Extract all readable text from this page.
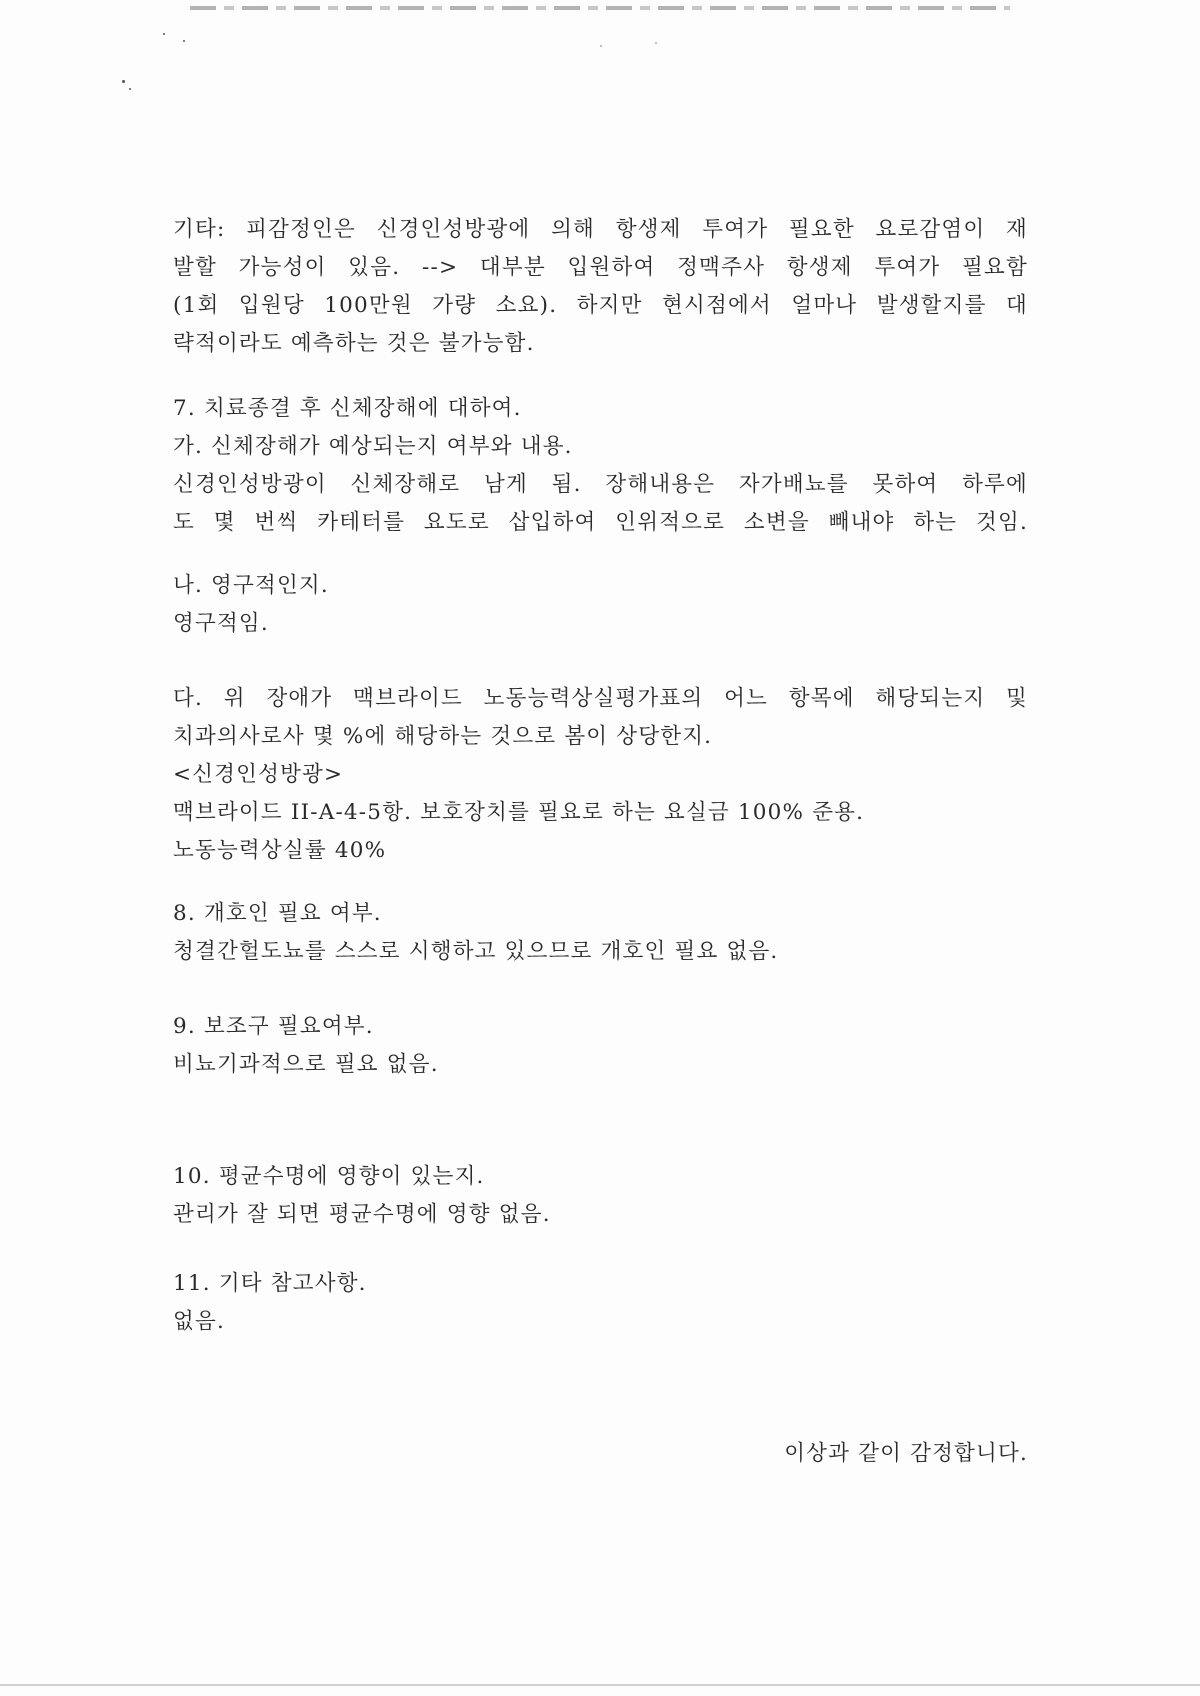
기타: 피감정인은 신경인성방광에 의해 항생제 투여가 필요한 요로감염이 재
발할 가능성이 있음. --> 대부분 입원하여 정맥주사 항생제 투여가 필요함
(1회 입원당 100만원 가량 소요). 하지만 현시점에서 얼마나 발생할지를 대
략적이라도 예측하는 것은 불가능함.
7. 치료종결 후 신체장해에 대하여.
가. 신체장해가 예상되는지 여부와 내용.
신경인성방광이 신체장해로 남게 됨. 장해내용은 자가배뇨를 못하여 하루에
도 몇 번씩 카테터를 요도로 삽입하여 인위적으로 소변을 빼내야 하는 것임.
나. 영구적인지.
영구적임.
다. 위 장애가 맥브라이드 노동능력상실평가표의 어느 항목에 해당되는지 및
치과의사로사 몇 %에 해당하는 것으로 봄이 상당한지.
<신경인성방광>
맥브라이드 II-A-4-5항. 보호장치를 필요로 하는 요실금 100% 준용.
노동능력상실률 40%
8. 개호인 필요 여부.
청결간헐도뇨를 스스로 시행하고 있으므로 개호인 필요 없음.
9. 보조구 필요여부.
비뇨기과적으로 필요 없음.
10. 평균수명에 영향이 있는지.
관리가 잘 되면 평균수명에 영향 없음.
11. 기타 참고사항.
없음.
이상과 같이 감정합니다.
